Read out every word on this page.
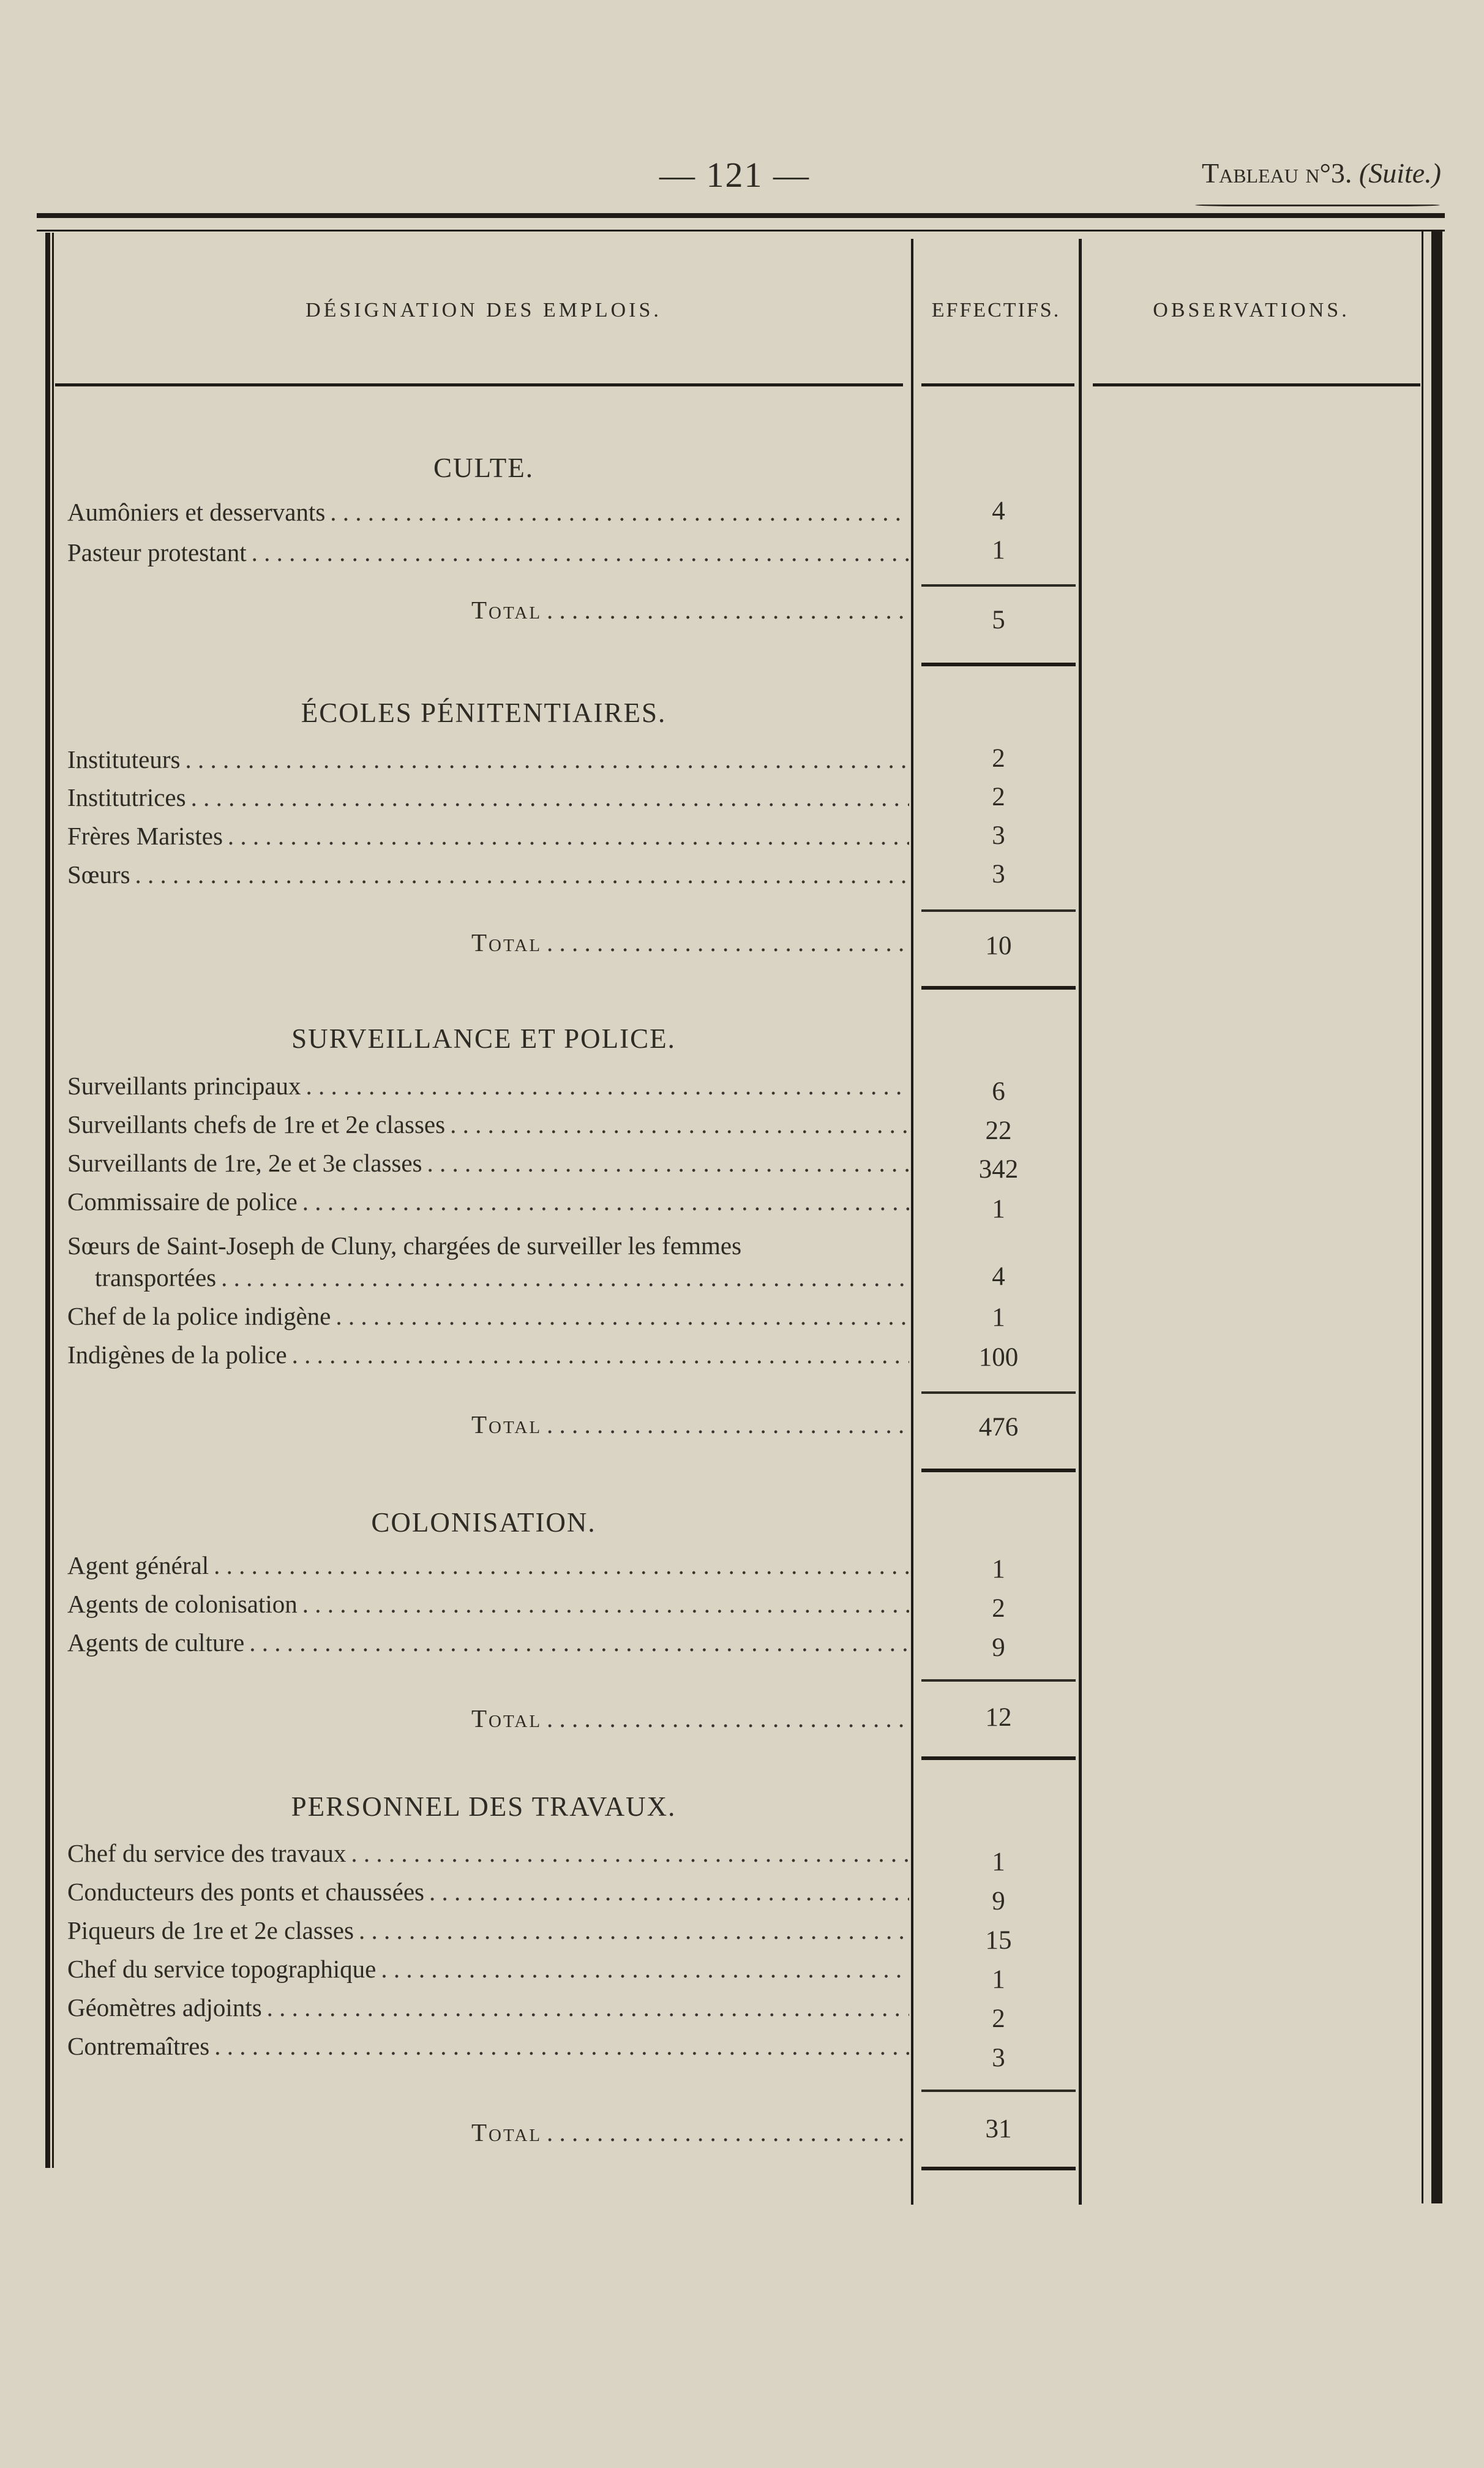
— 121 —	Tableau n°3. (Suite.)
DÉSIGNATION DES EMPLOIS.	EFFECTIFS.	OBSERVATIONS.
CULTE.
Aumôniers et desservants . . .	4
Pasteur protestant . . .	1
Total . . .	5
ÉCOLES PÉNITENTIAIRES.
Instituteurs . . .	2
Institutrices . . .	2
Frères Maristes . . .	3
Sœurs . . .	3
Total . . .	10
SURVEILLANCE ET POLICE.
Surveillants principaux . . .	6
Surveillants chefs de 1re et 2e classes . . .	22
Surveillants de 1re, 2e et 3e classes . . .	342
Commissaire de police . . .	1
Sœurs de Saint-Joseph de Cluny, chargées de surveiller les femmes
transportées . . .	4
Chef de la police indigène . . .	1
Indigènes de la police . . .	100
Total . . .	476
COLONISATION.
Agent général . . .	1
Agents de colonisation . . .	2
Agents de culture . . .	9
Total . . .	12
PERSONNEL DES TRAVAUX.
Chef du service des travaux . . .	1
Conducteurs des ponts et chaussées . . .	9
Piqueurs de 1re et 2e classes . . .	15
Chef du service topographique . . .	1
Géomètres adjoints . . .	2
Contremaîtres . . .	3
Total . . .	31
